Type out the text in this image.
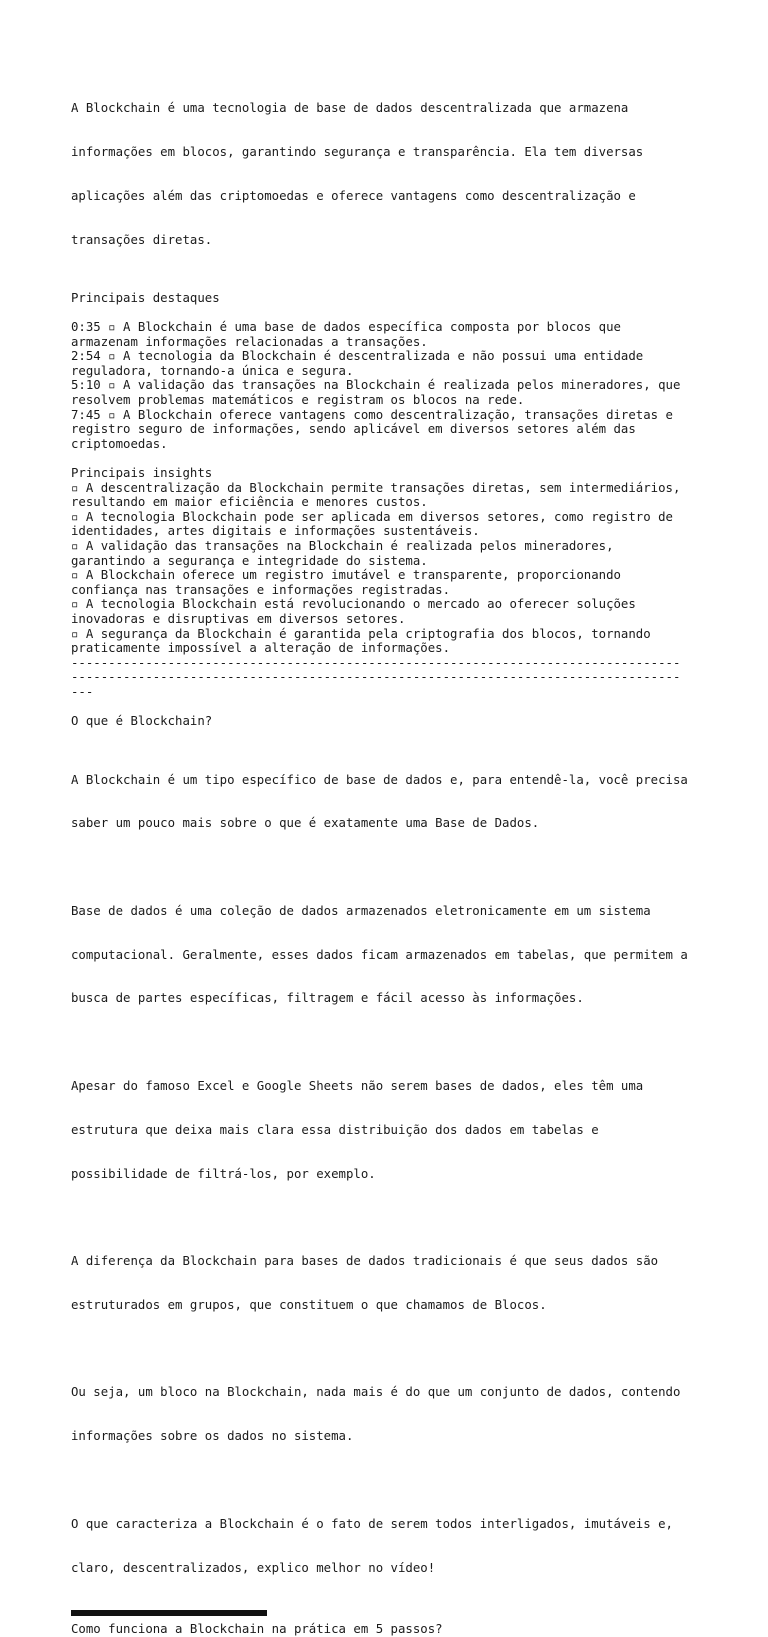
A Blockchain é uma tecnologia de base de dados descentralizada que armazena

informações em blocos, garantindo segurança e transparência. Ela tem diversas

aplicações além das criptomoedas e oferece vantagens como descentralização e

transações diretas.

Principais destaques
0:35 ▫ A Blockchain é uma base de dados específica composta por blocos que
armazenam informações relacionadas a transações.
2:54 ▫ A tecnologia da Blockchain é descentralizada e não possui uma entidade
reguladora, tornando-a única e segura.
5:10 ▫ A validação das transações na Blockchain é realizada pelos mineradores, que
resolvem problemas matemáticos e registram os blocos na rede.
7:45 ▫ A Blockchain oferece vantagens como descentralização, transações diretas e
registro seguro de informações, sendo aplicável em diversos setores além das
criptomoedas.
Principais insights
▫ A descentralização da Blockchain permite transações diretas, sem intermediários,
resultando em maior eficiência e menores custos.
▫ A tecnologia Blockchain pode ser aplicada em diversos setores, como registro de
identidades, artes digitais e informações sustentáveis.
▫ A validação das transações na Blockchain é realizada pelos mineradores,
garantindo a segurança e integridade do sistema.
▫ A Blockchain oferece um registro imutável e transparente, proporcionando
confiança nas transações e informações registradas.
▫ A tecnologia Blockchain está revolucionando o mercado ao oferecer soluções
inovadoras e disruptivas em diversos setores.
▫ A segurança da Blockchain é garantida pela criptografia dos blocos, tornando
praticamente impossível a alteração de informações.
----------------------------------------------------------------------------------
----------------------------------------------------------------------------------
---
O que é Blockchain?

A Blockchain é um tipo específico de base de dados e, para entendê-la, você precisa

saber um pouco mais sobre o que é exatamente uma Base de Dados.

Base de dados é uma coleção de dados armazenados eletronicamente em um sistema

computacional. Geralmente, esses dados ficam armazenados em tabelas, que permitem a

busca de partes específicas, filtragem e fácil acesso às informações.

Apesar do famoso Excel e Google Sheets não serem bases de dados, eles têm uma

estrutura que deixa mais clara essa distribuição dos dados em tabelas e

possibilidade de filtrá-los, por exemplo.

A diferença da Blockchain para bases de dados tradicionais é que seus dados são

estruturados em grupos, que constituem o que chamamos de Blocos.

Ou seja, um bloco na Blockchain, nada mais é do que um conjunto de dados, contendo

informações sobre os dados no sistema.

O que caracteriza a Blockchain é o fato de serem todos interligados, imutáveis e,

claro, descentralizados, explico melhor no vídeo!

Como funciona a Blockchain na prática em 5 passos?
